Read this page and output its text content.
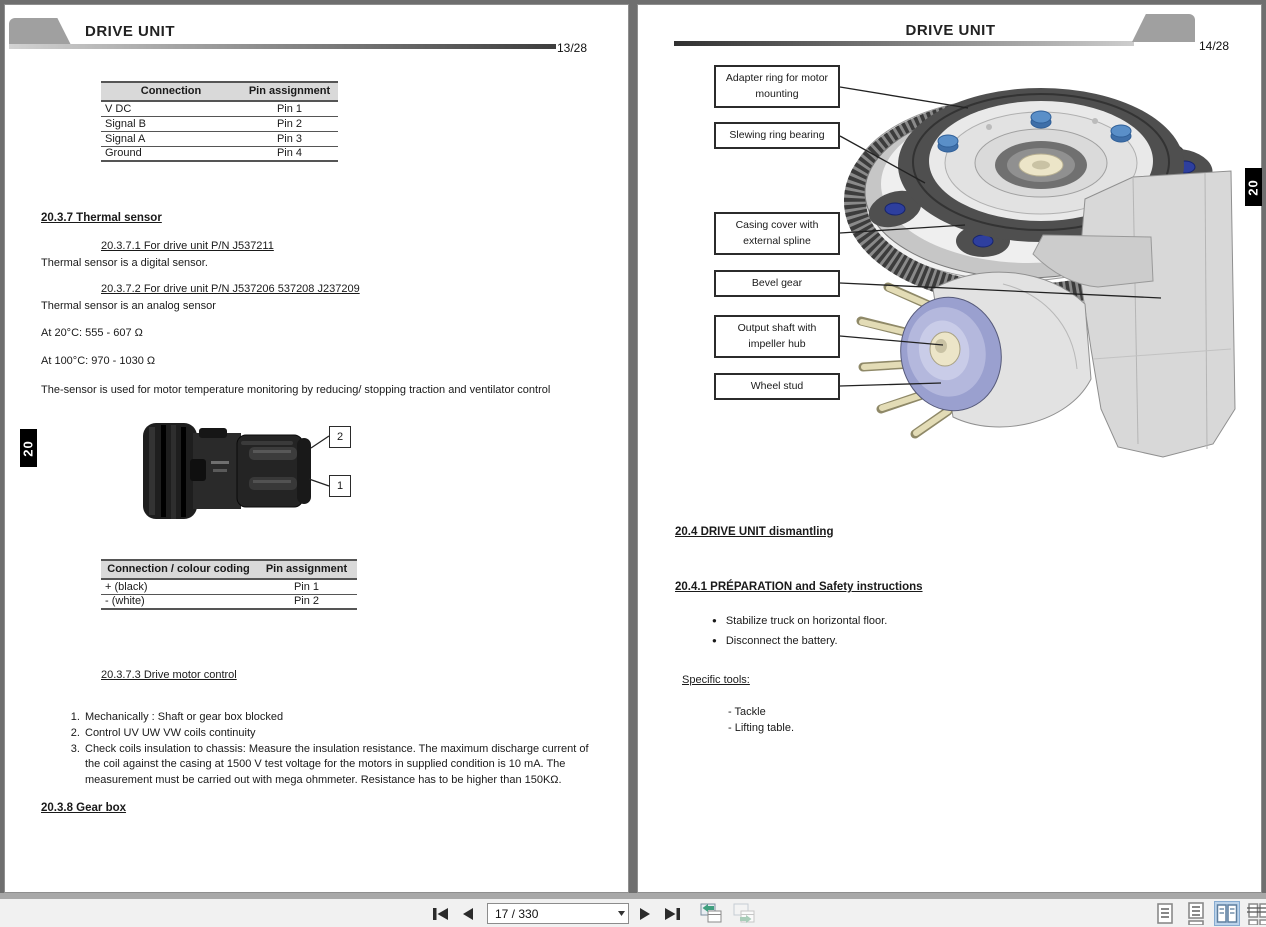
DRIVE UNIT
13/28
Connection	Pin assignment
V DC	Pin 1
Signal B	Pin 2
Signal A	Pin 3
Ground	Pin 4
20.3.7 Thermal sensor
20.3.7.1 For drive unit P/N J537211
Thermal sensor is a digital sensor.
20.3.7.2 For drive unit P/N J537206 537208 J237209
Thermal sensor is an analog sensor
At 20°C: 555 - 607 Ω
At 100°C: 970 - 1030 Ω
The-sensor is used for motor temperature monitoring by reducing/ stopping traction and ventilator control
2
1
20
Connection / colour coding	Pin assignment
+ (black)	Pin 1
- (white)	Pin 2
20.3.7.3 Drive motor control
1. Mechanically : Shaft or gear box blocked
2. Control UV UW VW coils continuity
3. Check coils insulation to chassis: Measure the insulation resistance. The maximum discharge current of the coil against the casing at 1500 V test voltage for the motors in supplied condition is 10 mA. The measurement must be carried out with mega ohmmeter. Resistance has to be higher than 150KΩ.
20.3.8 Gear box
DRIVE UNIT
14/28
Adapter ring for motor mounting
Slewing ring bearing
Casing cover with external spline
Bevel gear
Output shaft with impeller hub
Wheel stud
20
20.4 DRIVE UNIT dismantling
20.4.1 PRÉPARATION and Safety instructions
● Stabilize truck on horizontal floor.
● Disconnect the battery.
Specific tools:
- Tackle
- Lifting table.
17 / 330
